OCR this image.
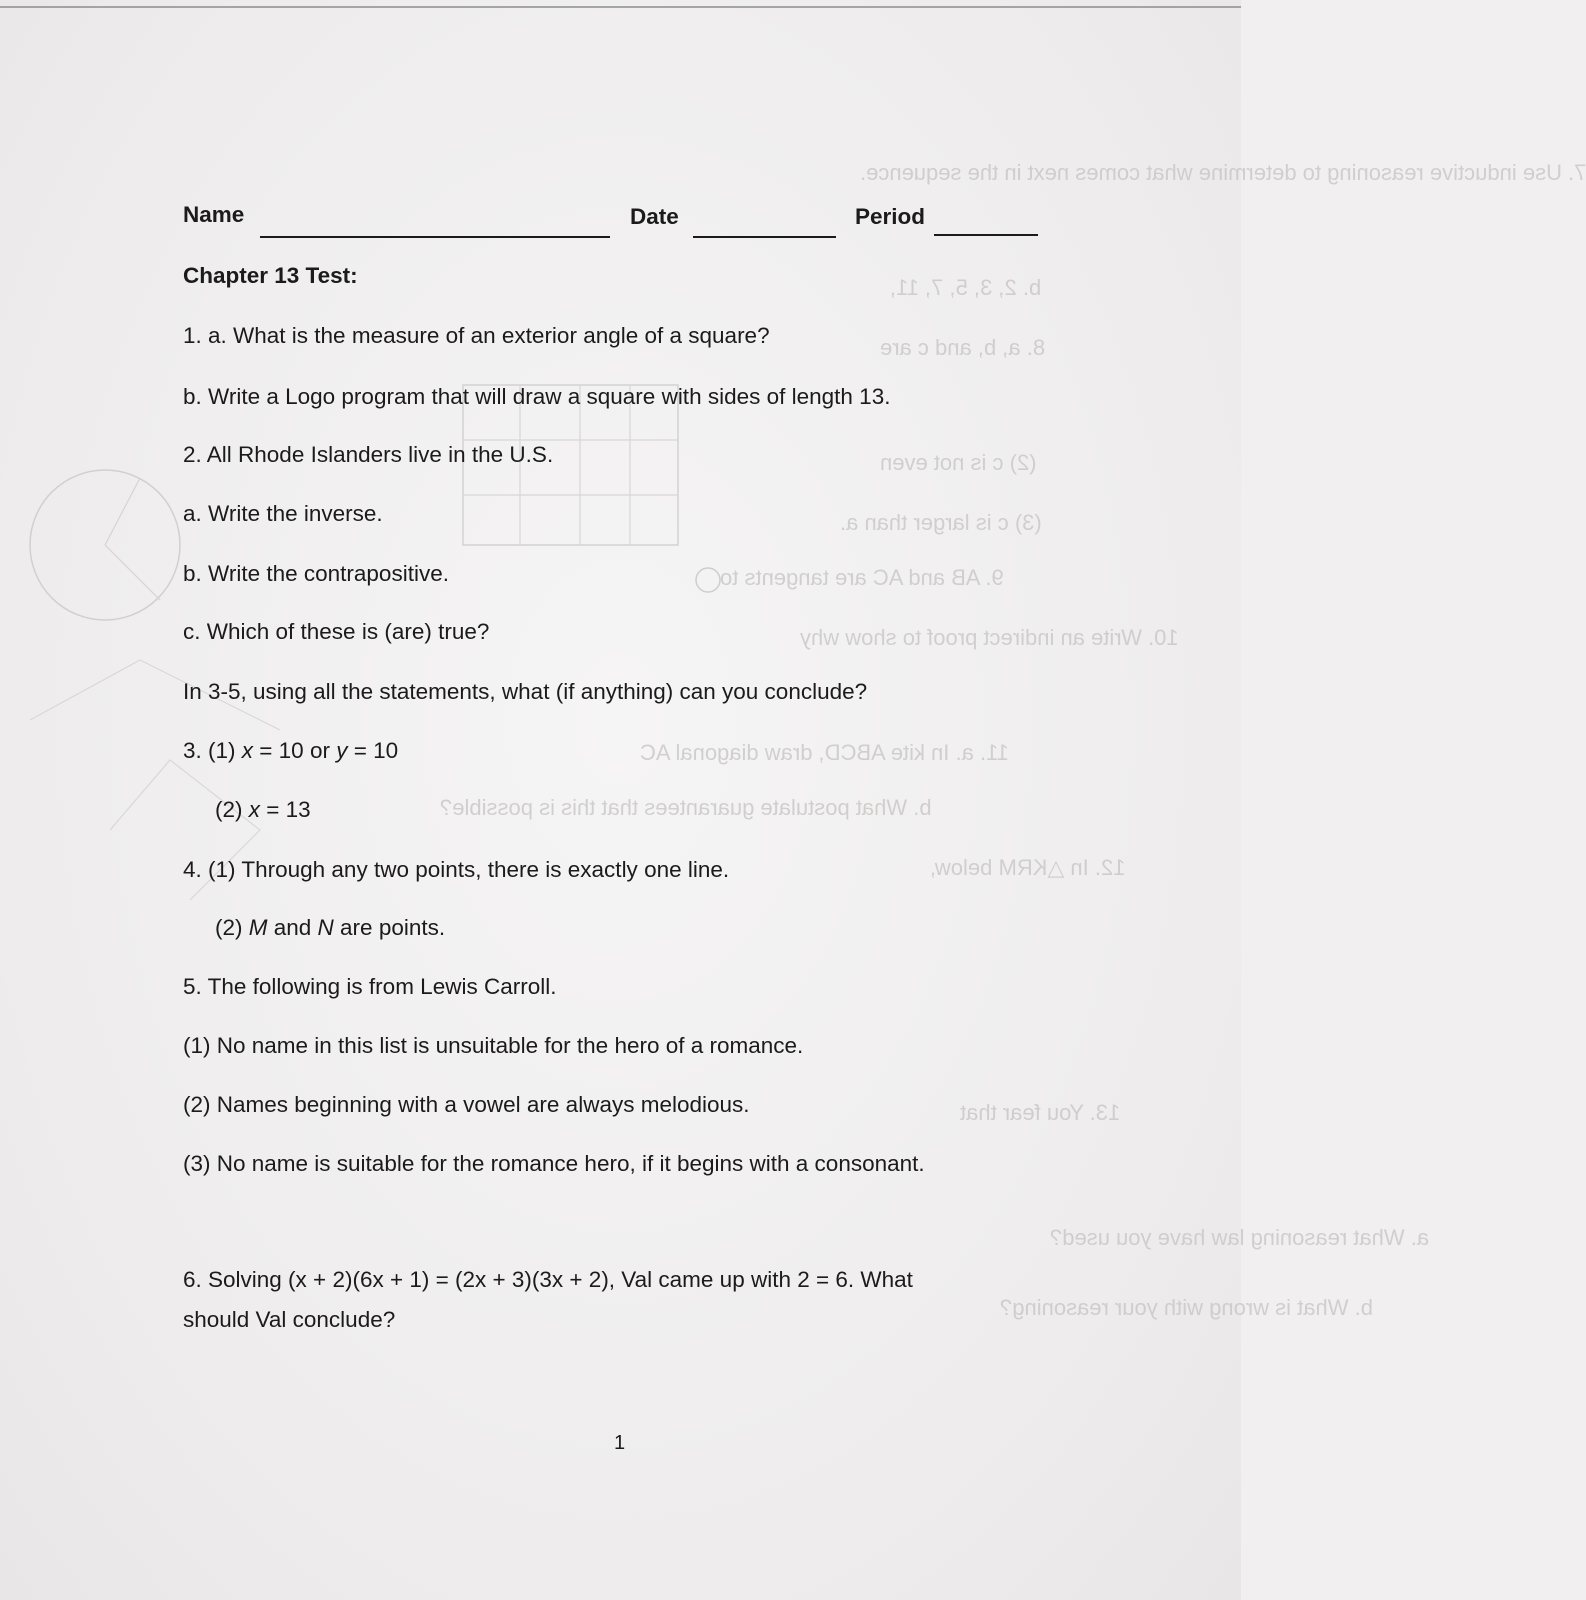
7. Use inductive reasoning to determine what comes next in the sequence.
b. 2, 3, 5, 7, 11,
8. a, b, and c are
(2) c is not even
(3) c is larger than a.
9. AB and AC are tangents to
10. Write an indirect proof to show why
11. a. In kite ABCD, draw diagonal AC
b. What postulate guarantees that this is possible?
12. In △KRM below,
13. You fear that
a. What reasoning law have you used?
b. What is wrong with your reasoning?
Name	Date	Period
Chapter 13 Test:
1. a. What is the measure of an exterior angle of a square?
b. Write a Logo program that will draw a square with sides of length 13.
2. All Rhode Islanders live in the U.S.
a. Write the inverse.
b. Write the contrapositive.
c. Which of these is (are) true?
In 3-5, using all the statements, what (if anything) can you conclude?
3. (1) x = 10 or y = 10
(2) x = 13
4. (1) Through any two points, there is exactly one line.
(2) M and N are points.
5. The following is from Lewis Carroll.
(1) No name in this list is unsuitable for the hero of a romance.
(2) Names beginning with a vowel are always melodious.
(3) No name is suitable for the romance hero, if it begins with a consonant.
6. Solving (x + 2)(6x + 1) = (2x + 3)(3x + 2), Val came up with 2 = 6. What
should Val conclude?
1
